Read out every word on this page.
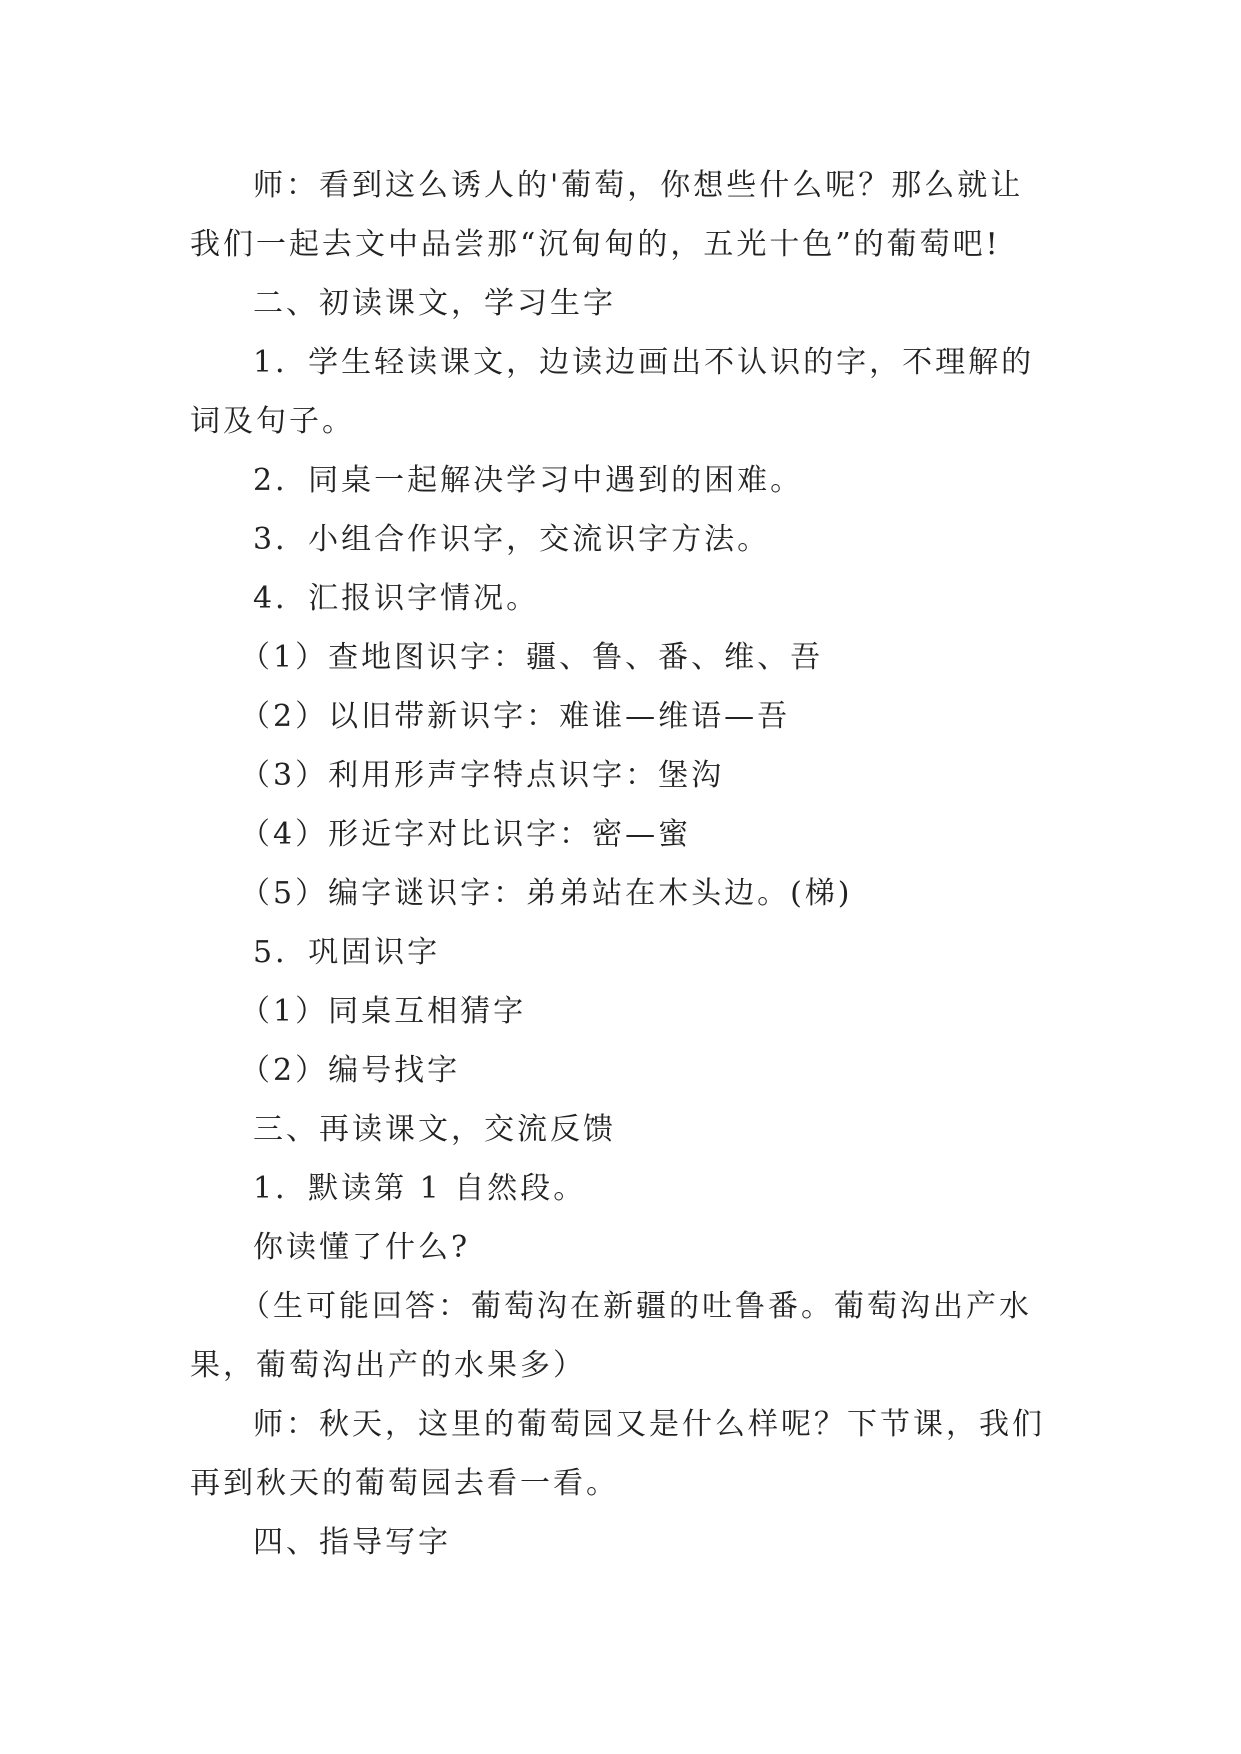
师：看到这么诱人的'葡萄，你想些什么呢？那么就让我们一起去文中品尝那“沉甸甸的，五光十色”的葡萄吧!

二、初读课文，学习生字

1．学生轻读课文，边读边画出不认识的字，不理解的词及句子。

2．同桌一起解决学习中遇到的困难。

3．小组合作识字，交流识字方法。

4．汇报识字情况。

（1）查地图识字：疆、鲁、番、维、吾

（2）以旧带新识字：难谁—维语—吾

（3）利用形声字特点识字：堡沟

（4）形近字对比识字：密—蜜

（5）编字谜识字：弟弟站在木头边。(梯)

5．巩固识字

（1）同桌互相猜字

（2）编号找字

三、再读课文，交流反馈

1．默读第 1 自然段。

你读懂了什么?

（生可能回答：葡萄沟在新疆的吐鲁番。葡萄沟出产水果，葡萄沟出产的水果多）

师：秋天，这里的葡萄园又是什么样呢？下节课，我们再到秋天的葡萄园去看一看。

四、指导写字
